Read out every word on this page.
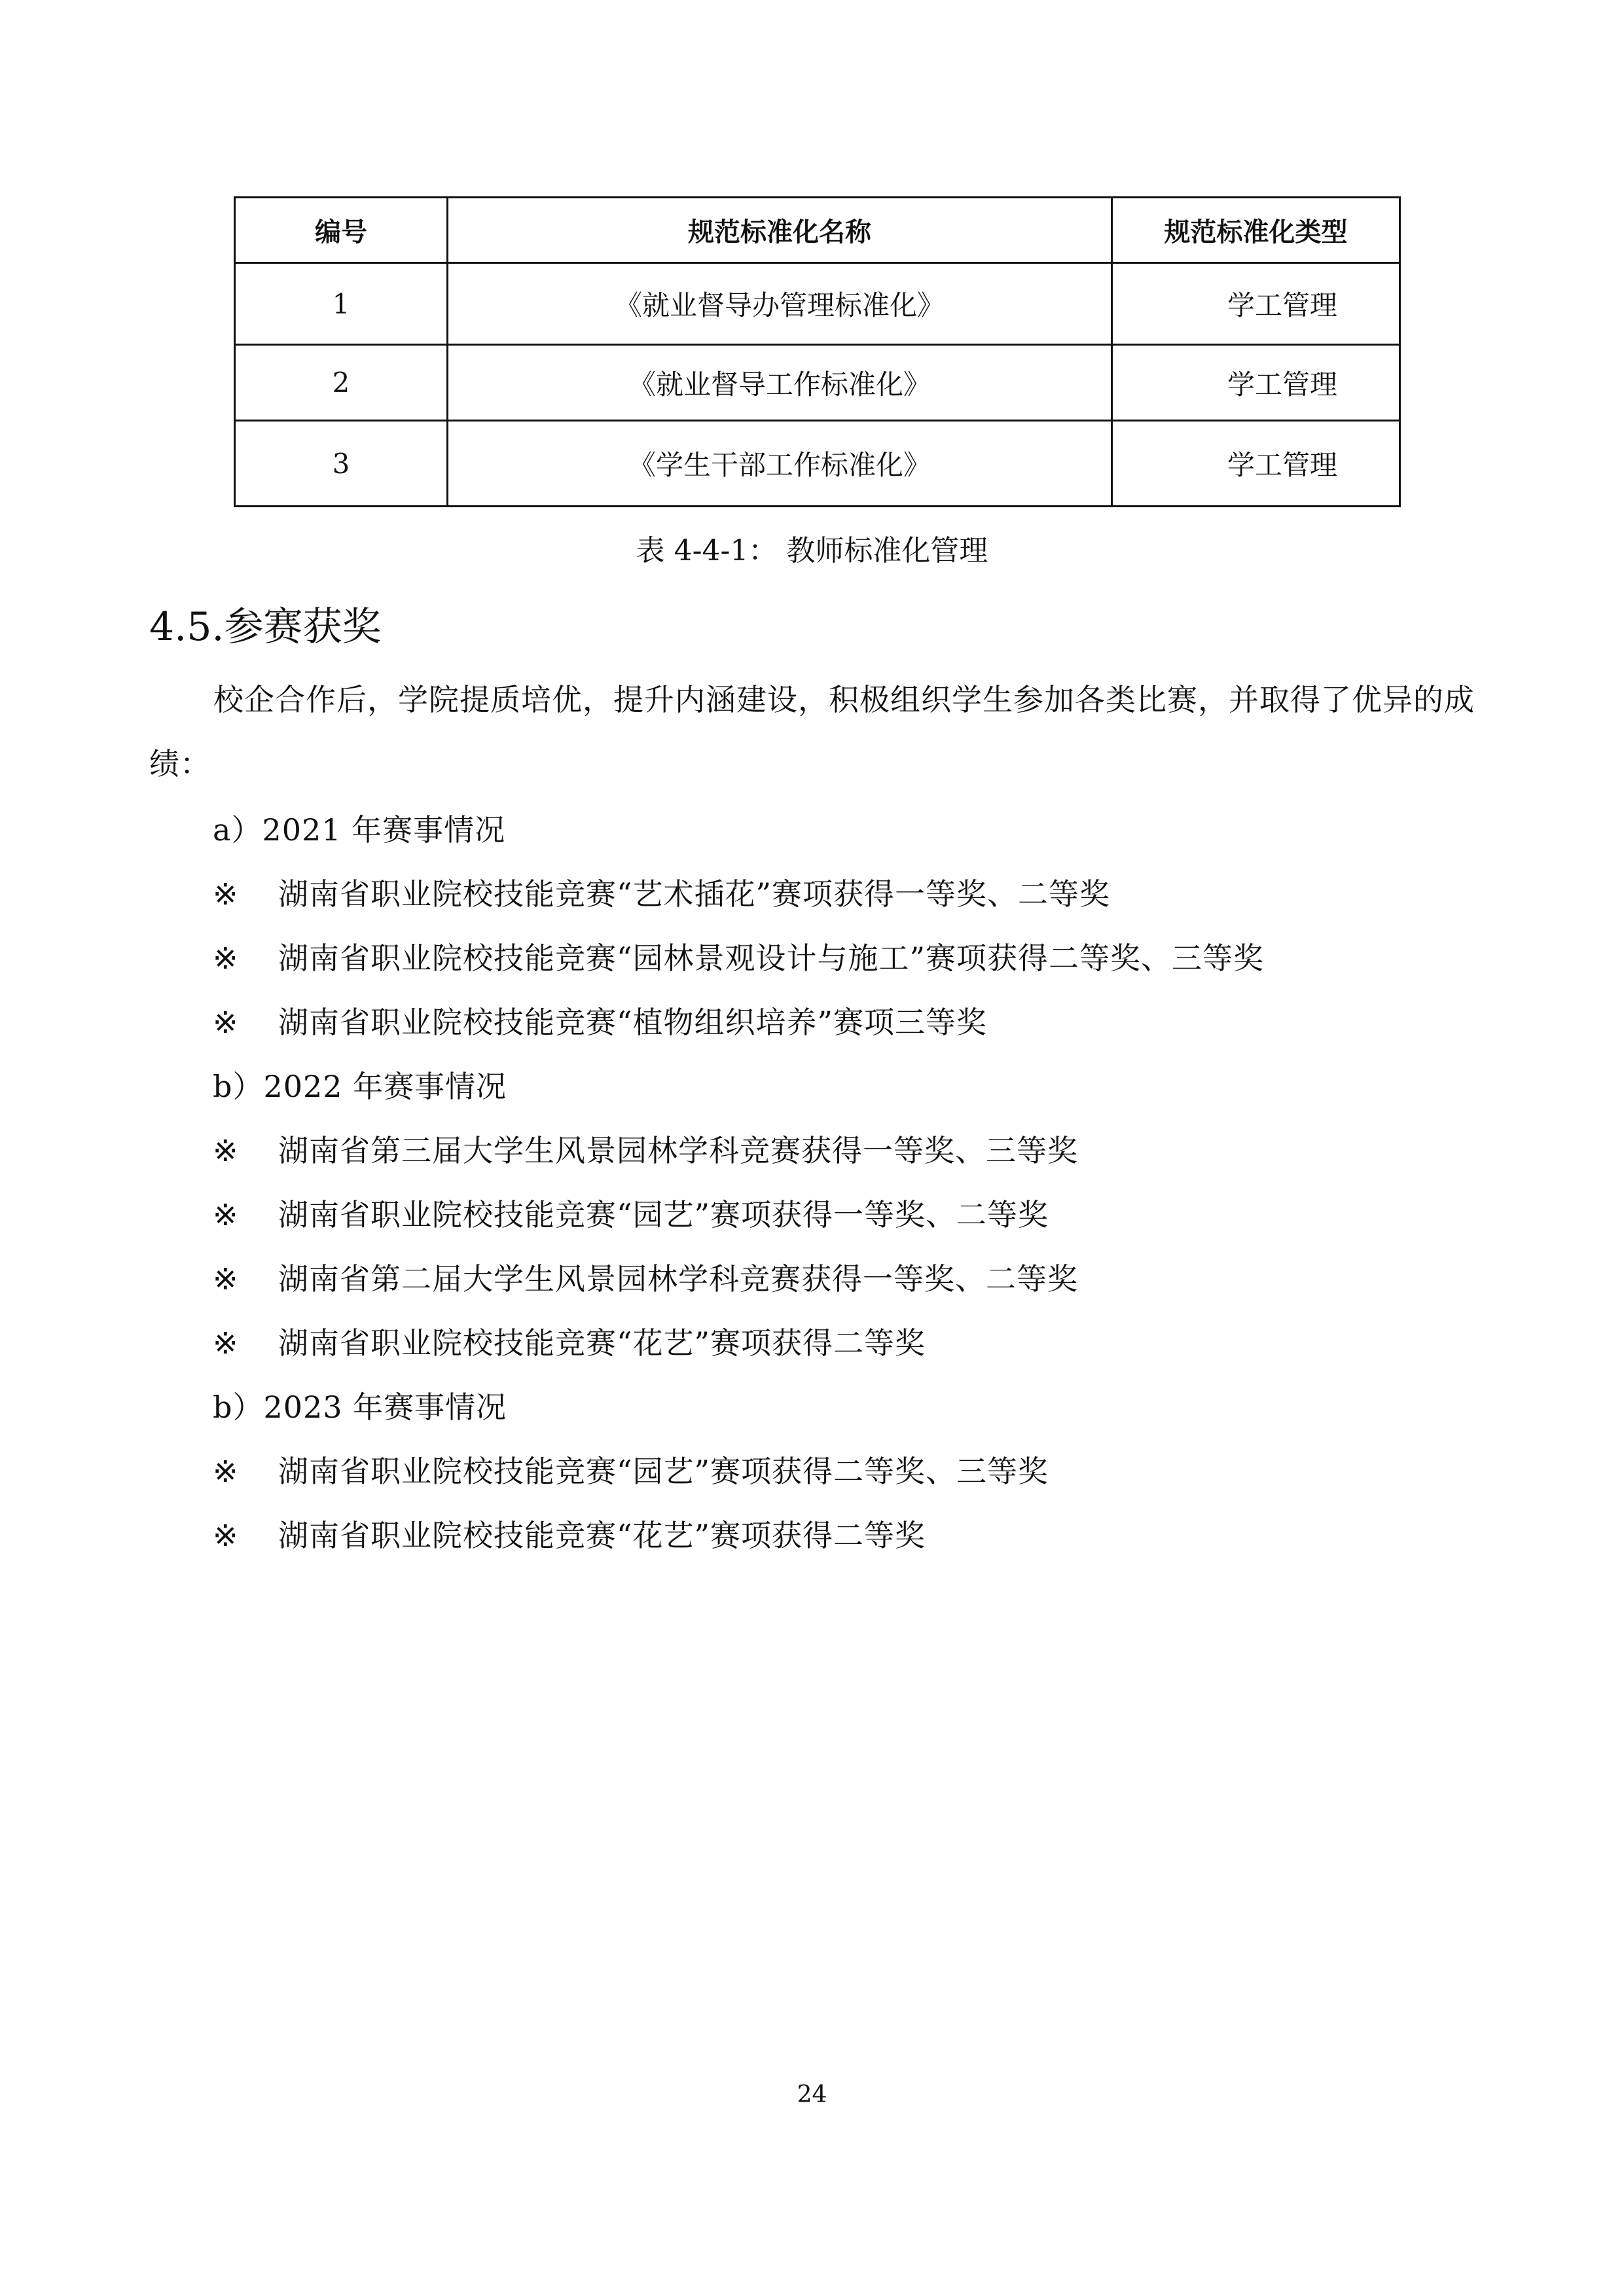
编号	规范标准化名称	规范标准化类型
1	《就业督导办管理标准化》	学工管理
2	《就业督导工作标准化》	学工管理
3	《学生干部工作标准化》	学工管理
表 4-4-1： 教师标准化管理
4.5.参赛获奖
校企合作后，学院提质培优，提升内涵建设，积极组织学生参加各类比赛，并取得了优异的成绩：
a）2021 年赛事情况
※ 湖南省职业院校技能竞赛“艺术插花”赛项获得一等奖、二等奖
※ 湖南省职业院校技能竞赛“园林景观设计与施工”赛项获得二等奖、三等奖
※ 湖南省职业院校技能竞赛“植物组织培养”赛项三等奖
b）2022 年赛事情况
※ 湖南省第三届大学生风景园林学科竞赛获得一等奖、三等奖
※ 湖南省职业院校技能竞赛“园艺”赛项获得一等奖、二等奖
※ 湖南省第二届大学生风景园林学科竞赛获得一等奖、二等奖
※ 湖南省职业院校技能竞赛“花艺”赛项获得二等奖
b）2023 年赛事情况
※ 湖南省职业院校技能竞赛“园艺”赛项获得二等奖、三等奖
※ 湖南省职业院校技能竞赛“花艺”赛项获得二等奖
24
